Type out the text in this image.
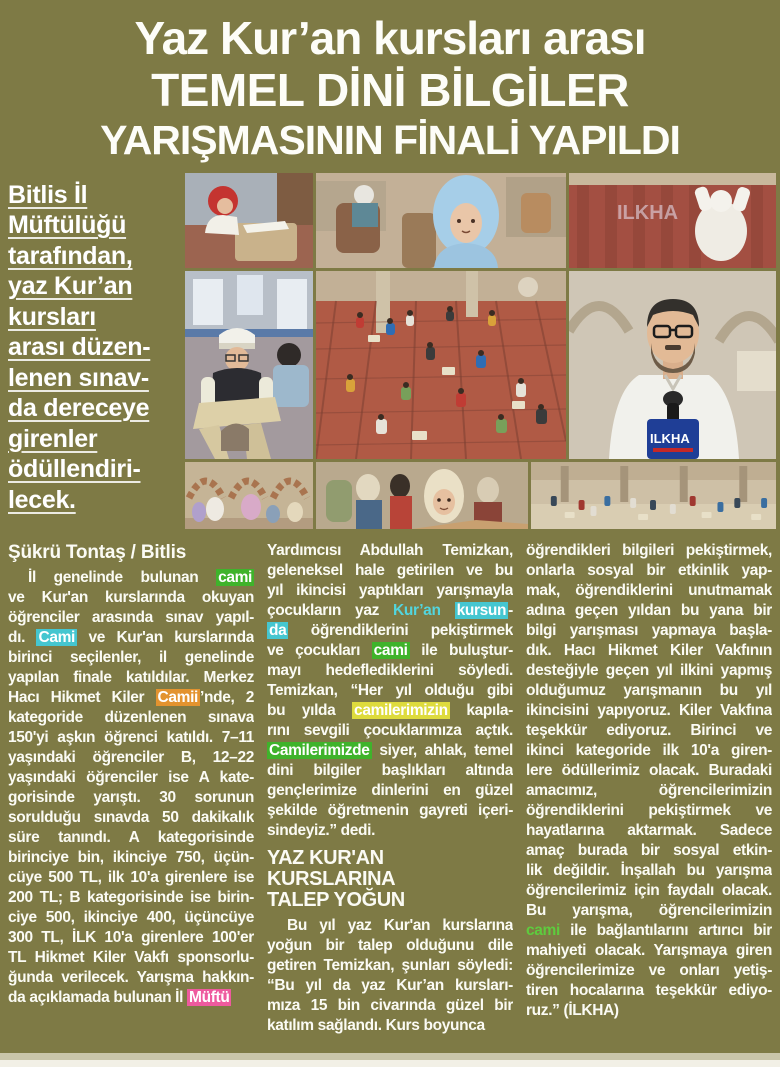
Yaz Kur’an kursları arası
TEMEL DİNİ BİLGİLER
YARIŞMASININ FİNALİ YAPILDI
Bitlis İl
Müftülüğü
tarafından,
yaz Kur’an
kursları
arası düzen-
lenen sınav-
da dereceye
girenler
ödüllendiri-
lecek.
ILKHA
ILKHA
Şükrü Tontaş / Bitlis
İl genelinde bulunan cami
ve Kur'an kurslarında okuyan
öğrenciler arasında sınav yapıl-
dı. Cami ve Kur'an kurslarında
birinci seçilenler, il genelinde
yapılan finale katıldılar. Merkez
Hacı Hikmet Kiler Camii ’nde, 2
kategoride düzenlenen sınava
150'yi aşkın öğrenci katıldı. 7–11
yaşındaki öğrenciler B, 12–22
yaşındaki öğrenciler ise A kate-
gorisinde yarıştı. 30 sorunun
sorulduğu sınavda 50 dakikalık
süre tanındı. A kategorisinde
birinciye bin, ikinciye 750, üçün-
cüye 500 TL, ilk 10'a girenlere ise
200 TL; B kategorisinde ise birin-
ciye 500, ikinciye 400, üçüncüye
300 TL, İLK 10'a girenlere 100'er
TL Hikmet Kiler Vakfı sponsorlu-
ğunda verilecek. Yarışma hakkın-
da açıklamada bulunan İl Müftü
Yardımcısı Abdullah Temizkan,
geleneksel hale getirilen ve bu
yıl ikincisi yaptıkları yarışmayla
çocukların yaz Kur’an kursun -
da öğrendiklerini pekiştirmek
ve çocukları cami ile buluştur-
mayı hedeflediklerini söyledi.
Temizkan, “Her yıl olduğu gibi
bu yılda camilerimizin kapıla-
rını sevgili çocuklarımıza açtık.
Camilerimizde siyer, ahlak, temel
dini bilgiler başlıkları altında
gençlerimize dinlerini en güzel
şekilde öğretmenin gayreti içeri-
sindeyiz.” dedi.
YAZ KUR'AN KURSLARINA
TALEP YOĞUN
Bu yıl yaz Kur'an kurslarına
yoğun bir talep olduğunu dile
getiren Temizkan, şunları söyledi:
“Bu yıl da yaz Kur’an kursları-
mıza 15 bin civarında güzel bir
katılım sağlandı. Kurs boyunca
öğrendikleri bilgileri pekiştirmek,
onlarla sosyal bir etkinlik yap-
mak, öğrendiklerini unutmamak
adına geçen yıldan bu yana bir
bilgi yarışması yapmaya başla-
dık. Hacı Hikmet Kiler Vakfının
desteğiyle geçen yıl ilkini yapmış
olduğumuz yarışmanın bu yıl
ikincisini yapıyoruz. Kiler Vakfına
teşekkür ediyoruz. Birinci ve
ikinci kategoride ilk 10'a giren-
lere ödüllerimiz olacak. Buradaki
amacımız, öğrencilerimizin
öğrendiklerini pekiştirmek ve
hayatlarına aktarmak. Sadece
amaç burada bir sosyal etkin-
lik değildir. İnşallah bu yarışma
öğrencilerimiz için faydalı olacak.
Bu yarışma, öğrencilerimizin
cami ile bağlantılarını artırıcı bir
mahiyeti olacak. Yarışmaya giren
öğrencilerimize ve onları yetiş-
tiren hocalarına teşekkür ediyo-
ruz.” (İLKHA)
